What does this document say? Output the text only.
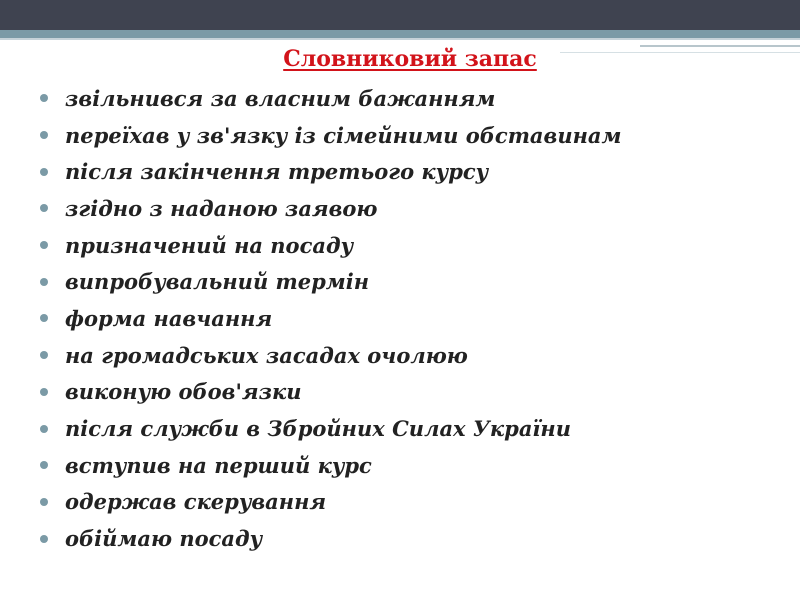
Словниковий запас
звільнився за власним бажанням
переїхав у зв'язку із сімейними обставинам
після закінчення третього курсу
згідно з наданою заявою
призначений на посаду
випробувальний термін
форма навчання
на громадських засадах очолюю
виконую обов'язки
після служби в Збройних Силах України
вступив на перший курс
одержав скерування
обіймаю посаду
